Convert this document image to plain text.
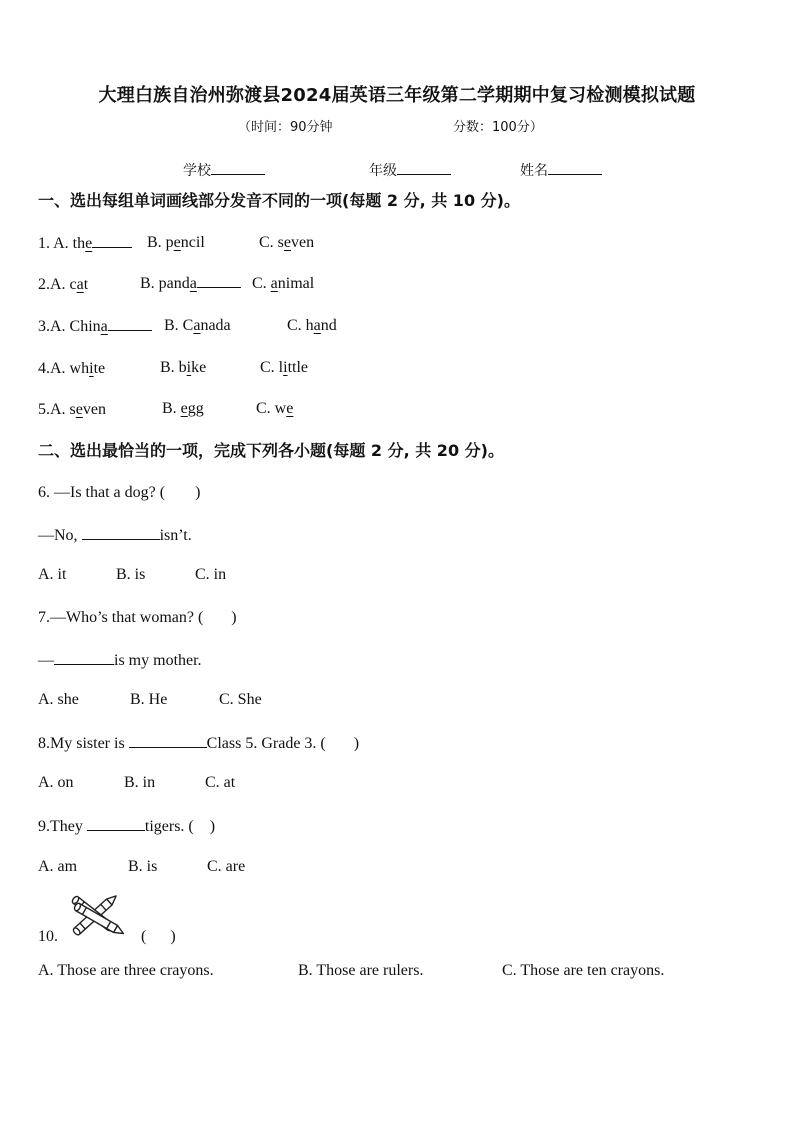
大理白族自治州弥渡县2024届英语三年级第二学期期中复习检测模拟试题
（时间：90分钟	分数：100分）
学校	年级	姓名
一、选出每组单词画线部分发音不同的一项(每题 2 分, 共 10 分)。
1. A. the	B. pencil	C. seven
2.A. cat	B. panda	C. animal
3.A. China	B. Canada	C. hand
4.A. white	B. bike	C. little
5.A. seven	B. egg	C. we
二、选出最恰当的一项，完成下列各小题(每题 2 分, 共 20 分)。
6. —Is that a dog? ( )
—No,	isn’t.
A. it	B. is	C. in
7.—Who’s that woman? ( )
—	is my mother.
A. she	B. He	C. She
8.My sister is	Class 5. Grade 3. ( )
A. on	B. in	C. at
9.They	tigers. ( )
A. am	B. is	C. are
10.	( )
A. Those are three crayons.	B. Those are rulers.	C. Those are ten crayons.
